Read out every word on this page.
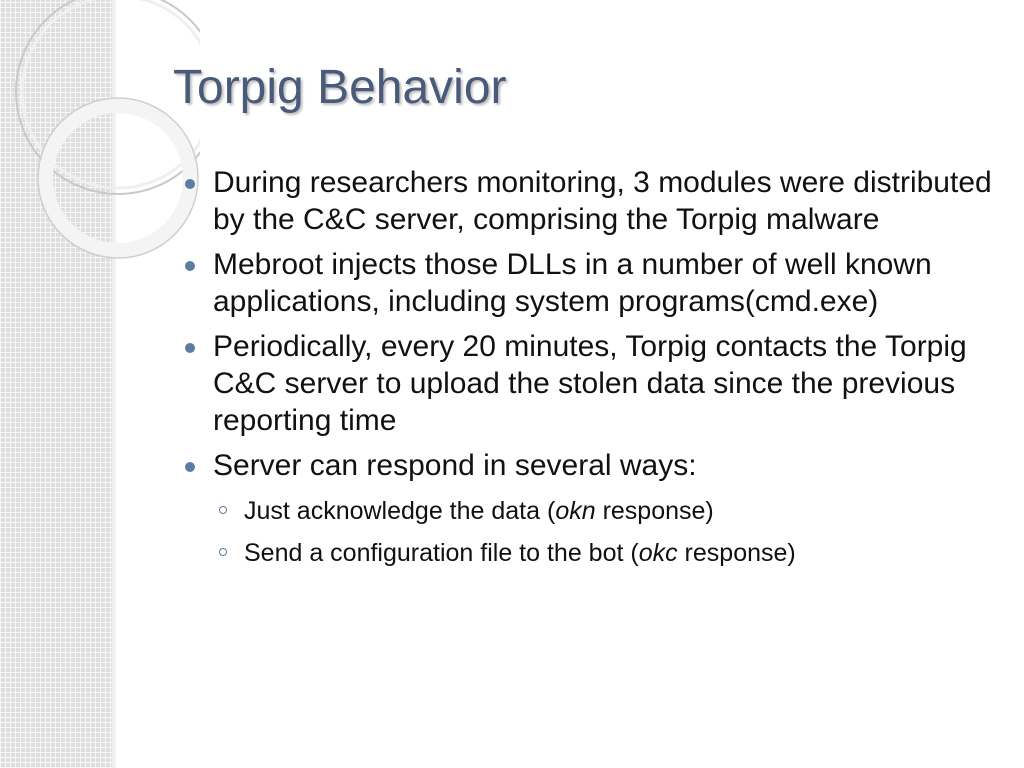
Torpig Behavior
During researchers monitoring, 3 modules were distributed by the C&C server, comprising the Torpig malware
Mebroot injects those DLLs in a number of well known applications, including system programs(cmd.exe)
Periodically, every 20 minutes, Torpig contacts the Torpig C&C server to upload the stolen data since the previous reporting time
Server can respond in several ways:
Just acknowledge the data (okn response)
Send a configuration file to the bot (okc response)
